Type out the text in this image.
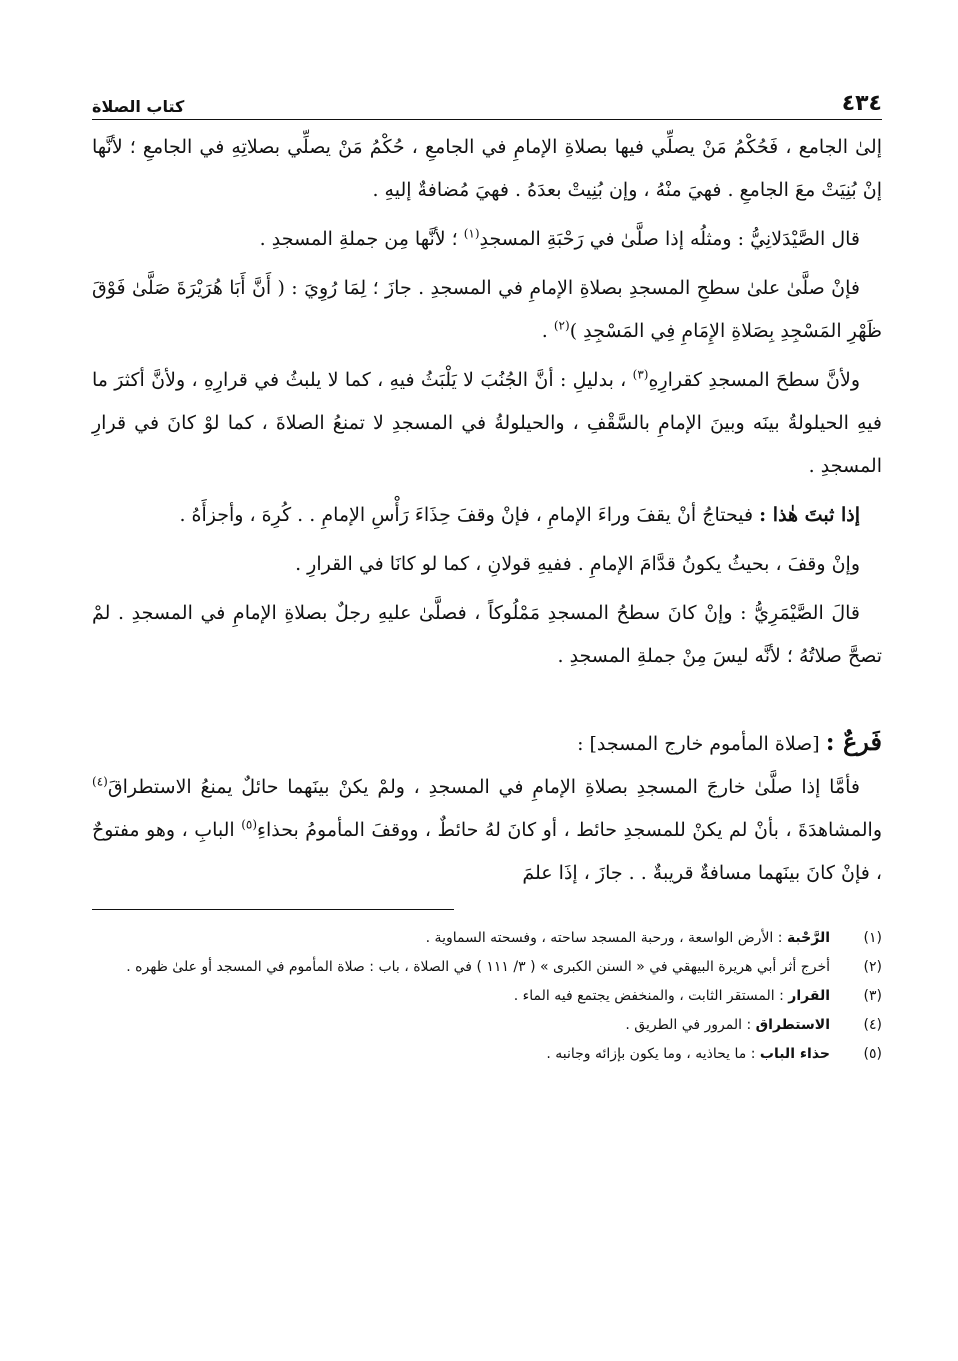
٤٣٤
كتاب الصلاة

إلىٰ الجامع ، فَحُكْمُ مَنْ يصلِّي فيها بصلاةِ الإمامِ في الجامعِ ، حُكْمُ مَنْ يصلِّي بصلاتِهِ في الجامعِ ؛ لأنَّها إنْ بُنِيَتْ معَ الجامعِ . فهيَ منْهُ ، وإن بُنِيتْ بعدَهُ . فهيَ مُضافةٌ إليهِ .

قال الصَّيْدَلانِيُّ : ومثلُه إذا صلَّىٰ في رَحْبَةِ المسجدِ$^{(١)}$ ؛ لأنَّها مِن جملةِ المسجدِ .

فإنْ صلَّىٰ علىٰ سطحِ المسجدِ بصلاةِ الإمامِ في المسجدِ . جازَ ؛ لِمَا رُوِيَ : ( أَنَّ أَبَا هُرَيْرَةَ صَلَّىٰ فَوْقَ ظَهْرِ المَسْجِدِ بِصَلاةِ الإِمَامِ فِي المَسْجِدِ )$^{(٢)}$ .

ولأنَّ سطحَ المسجدِ كقرارِهِ$^{(٣)}$ ، بدليلِ : أنَّ الجُنُبَ لا يَلْبَثُ فيهِ ، كما لا يلبثُ في قرارِهِ ، ولأنَّ أكثرَ ما فيهِ الحيلولةُ بينَه وبينَ الإمامِ بالسَّقْفِ ، والحيلولةُ في المسجدِ لا تمنعُ الصلاةَ ، كما لوْ كانَ في قرارِ المسجدِ .

إذا ثبتَ هٰذا : فيحتاجُ أنْ يقفَ وراءَ الإمامِ ، فإنْ وقفَ حِذَاءَ رَأْسِ الإمامِ . . كُرِهَ ، وأجزأَهُ .

وإنْ وقفَ ، بحيثُ يكونُ قدَّامَ الإمامِ . ففيهِ قولانِ ، كما لو كانَا في القرارِ .

قالَ الصَّيْمَرِيُّ : وإنْ كانَ سطحُ المسجدِ مَمْلُوكاً ، فصلَّىٰ عليهِ رجلٌ بصلاةِ الإمامِ في المسجدِ . لمْ تصحَّ صلاتُهُ ؛ لأنَّه ليسَ مِنْ جملةِ المسجدِ .

فَرعٌ : [صلاة المأموم خارج المسجد] :

فأمَّا إذا صلَّىٰ خارجَ المسجدِ بصلاةِ الإمامِ في المسجدِ ، ولمْ يكنْ بينَهما حائلٌ يمنعُ الاستطراقَ$^{(٤)}$ والمشاهدَةَ ، بأنْ لم يكنْ للمسجدِ حائط ، أو كانَ لهُ حائطٌ ، ووقفَ المأمومُ بحذاءِ$^{(٥)}$ البابِ ، وهو مفتوحٌ ، فإنْ كانَ بينَهما مسافةٌ قريبةٌ . . جازَ ، إذَا علمَ

(١)
الرَّحْبة : الأرض الواسعة ، ورحبة المسجد ساحته ، وفسحته السماوية .
(٢)
أخرج أثر أبي هريرة البيهقي في « السنن الكبرى » ( ٣/ ١١١ ) في الصلاة ، باب : صلاة المأموم في المسجد أو علىٰ ظهره .
(٣)
القرار : المستقر الثابت ، والمنخفض يجتمع فيه الماء .
(٤)
الاستطراق : المرور في الطريق .
(٥)
حذاء الباب : ما يحاذيه ، وما يكون بإزائه وجانبه .
